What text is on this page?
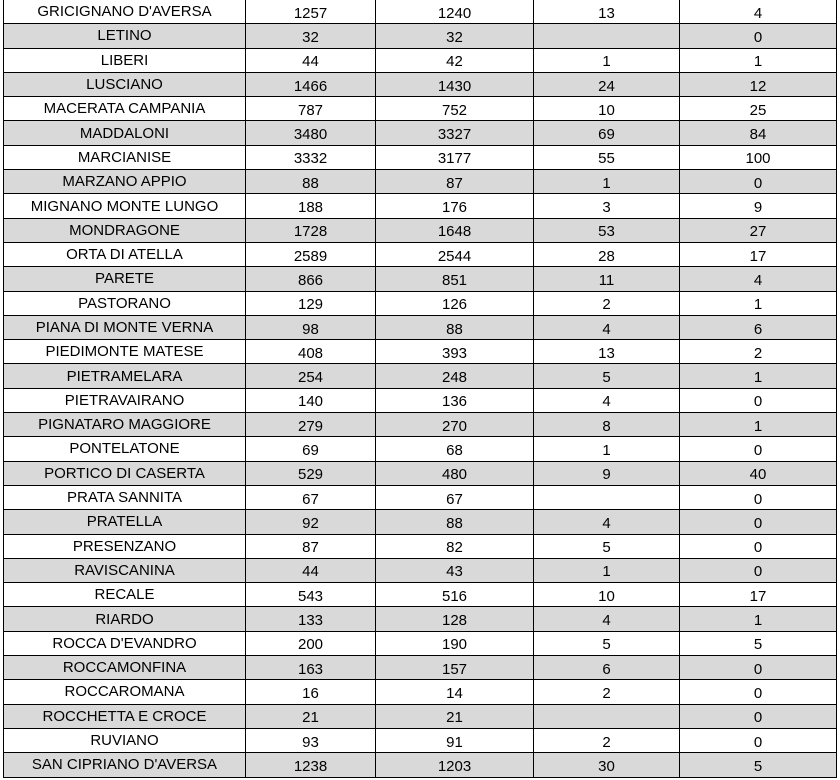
GRICIGNANO D'AVERSA	1257	1240	13	4
LETINO	32	32		0
LIBERI	44	42	1	1
LUSCIANO	1466	1430	24	12
MACERATA CAMPANIA	787	752	10	25
MADDALONI	3480	3327	69	84
MARCIANISE	3332	3177	55	100
MARZANO APPIO	88	87	1	0
MIGNANO MONTE LUNGO	188	176	3	9
MONDRAGONE	1728	1648	53	27
ORTA DI ATELLA	2589	2544	28	17
PARETE	866	851	11	4
PASTORANO	129	126	2	1
PIANA DI MONTE VERNA	98	88	4	6
PIEDIMONTE MATESE	408	393	13	2
PIETRAMELARA	254	248	5	1
PIETRAVAIRANO	140	136	4	0
PIGNATARO MAGGIORE	279	270	8	1
PONTELATONE	69	68	1	0
PORTICO DI CASERTA	529	480	9	40
PRATA SANNITA	67	67		0
PRATELLA	92	88	4	0
PRESENZANO	87	82	5	0
RAVISCANINA	44	43	1	0
RECALE	543	516	10	17
RIARDO	133	128	4	1
ROCCA D'EVANDRO	200	190	5	5
ROCCAMONFINA	163	157	6	0
ROCCAROMANA	16	14	2	0
ROCCHETTA E CROCE	21	21		0
RUVIANO	93	91	2	0
SAN CIPRIANO D'AVERSA	1238	1203	30	5
